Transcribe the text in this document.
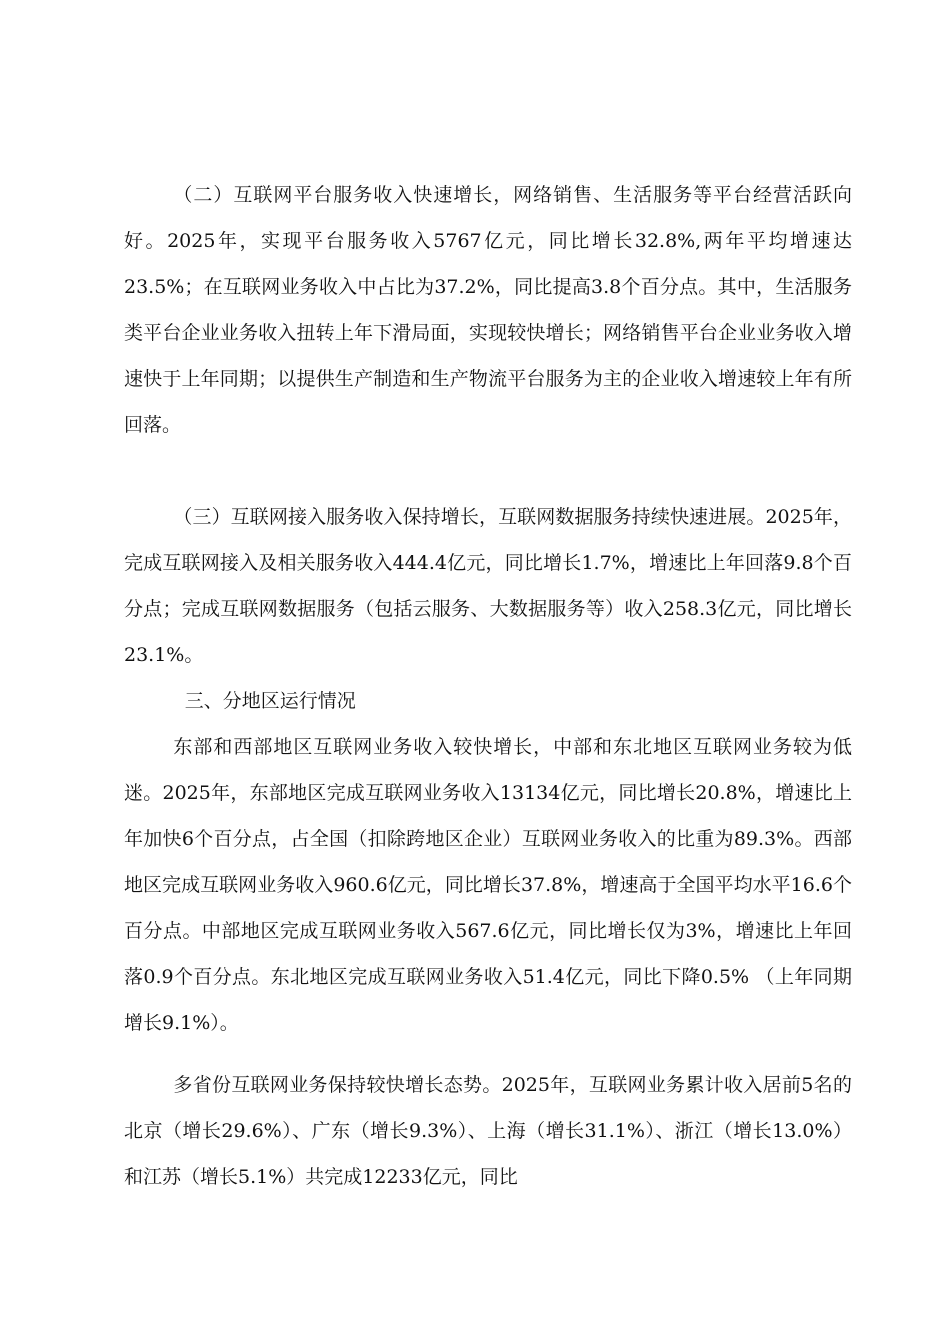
（二）互联网平台服务收入快速增长，网络销售、生活服务等平台经营活跃向好。2025年，实现平台服务收入5767亿元，同比增长32.8%,两年平均增速达23.5%；在互联网业务收入中占比为37.2%，同比提高3.8个百分点。其中，生活服务类平台企业业务收入扭转上年下滑局面，实现较快增长；网络销售平台企业业务收入增速快于上年同期；以提供生产制造和生产物流平台服务为主的企业收入增速较上年有所回落。

（三）互联网接入服务收入保持增长，互联网数据服务持续快速进展。2025年，完成互联网接入及相关服务收入444.4亿元，同比增长1.7%，增速比上年回落9.8个百分点；完成互联网数据服务（包括云服务、大数据服务等）收入258.3亿元，同比增长23.1%。

三、分地区运行情况

东部和西部地区互联网业务收入较快增长，中部和东北地区互联网业务较为低迷。2025年，东部地区完成互联网业务收入13134亿元，同比增长20.8%，增速比上年加快6个百分点，占全国（扣除跨地区企业）互联网业务收入的比重为89.3%。西部地区完成互联网业务收入960.6亿元，同比增长37.8%，增速高于全国平均水平16.6个百分点。中部地区完成互联网业务收入567.6亿元，同比增长仅为3%，增速比上年回落0.9个百分点。东北地区完成互联网业务收入51.4亿元，同比下降0.5% （上年同期增长9.1%）。

多省份互联网业务保持较快增长态势。2025年，互联网业务累计收入居前5名的北京（增长29.6%）、广东（增长9.3%）、上海（增长31.1%）、浙江（增长13.0%）和江苏（增长5.1%）共完成12233亿元，同比
